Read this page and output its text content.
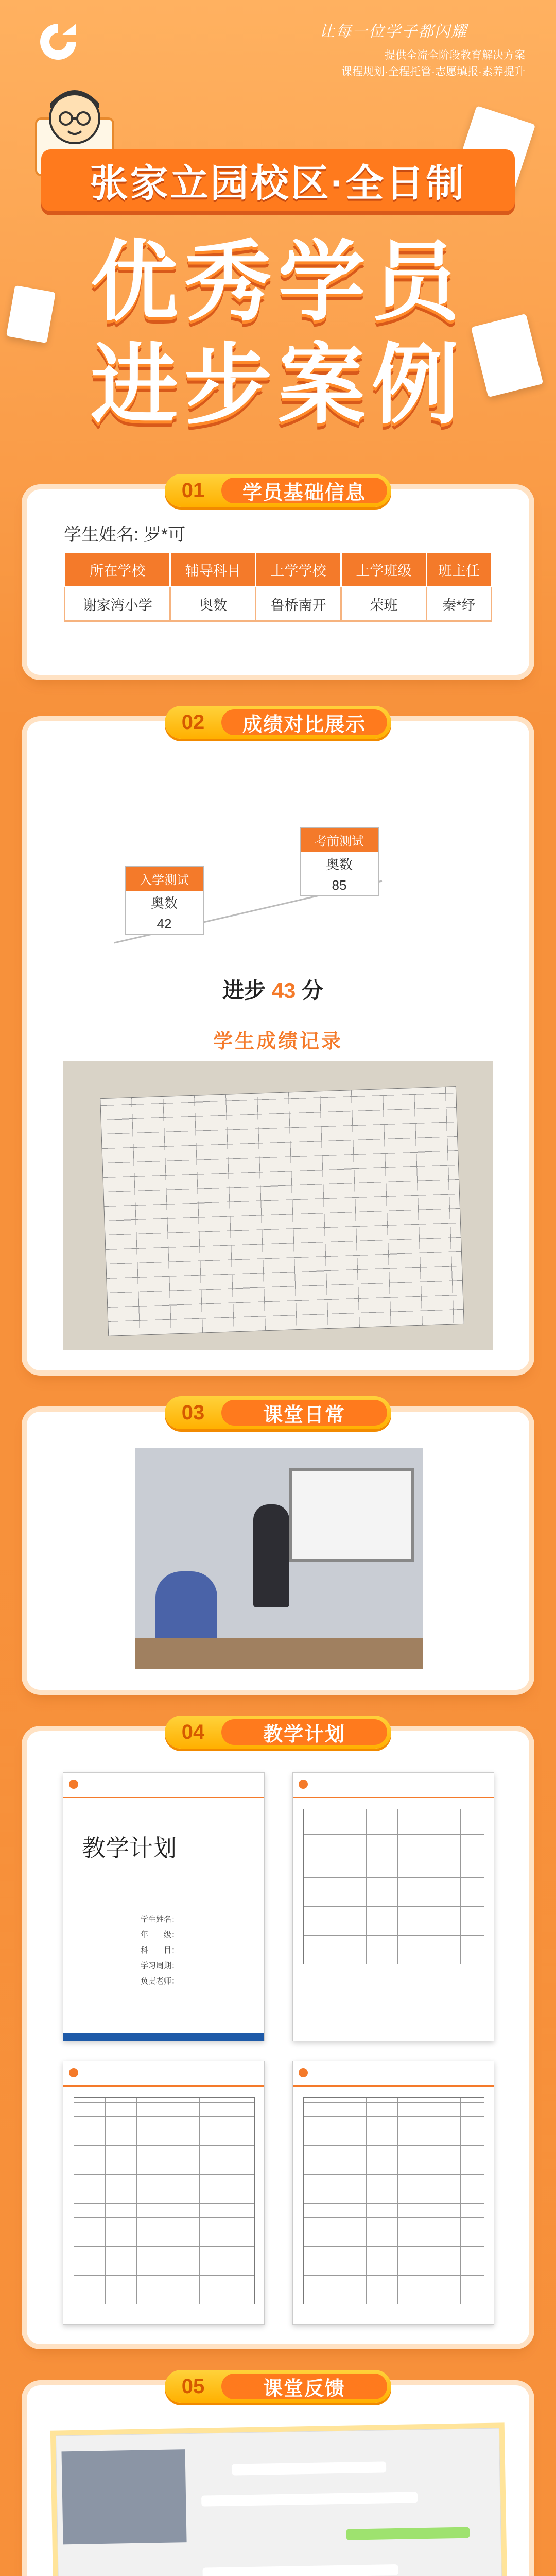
让每一位学子都闪耀
提供全流全阶段教育解决方案
课程规划·全程托管·志愿填报·素养提升
张家立园校区·全日制
优秀学员
进步案例
01	学员基础信息
学生姓名: 罗*可
所在学校	辅导科目	上学学校	上学班级	班主任
谢家湾小学	奥数	鲁桥南开	荣班	秦*纾
02	成绩对比展示
入学测试
奥数
42
考前测试
奥数
85
进步 43 分
学生成绩记录
03	课堂日常
04	教学计划
教学计划
学生姓名：
年　　级：
科　　目：
学习周期：
负责老师：
05	课堂反馈
